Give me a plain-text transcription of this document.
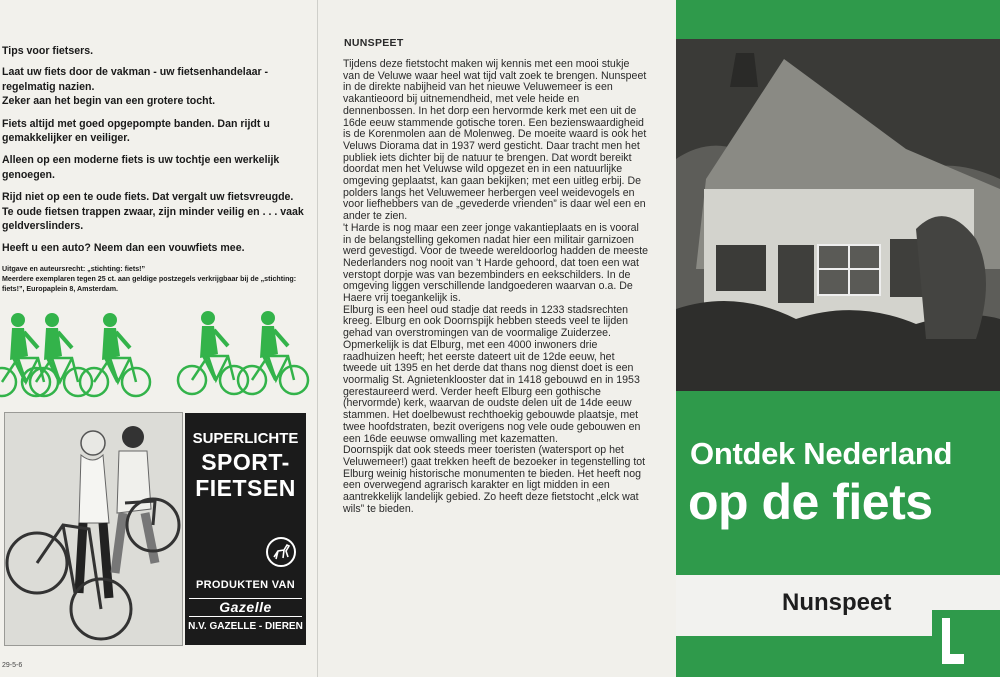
Tips voor fietsers.

Laat uw fiets door de vakman - uw fietsenhandelaar - regelmatig nazien.

Zeker aan het begin van een grotere tocht.

Fiets altijd met goed opgepompte banden. Dan rijdt u gemakkelijker en veiliger.

Alleen op een moderne fiets is uw tochtje een werkelijk genoegen.

Rijd niet op een te oude fiets. Dat vergalt uw fietsvreugde. Te oude fietsen trappen zwaar, zijn minder veilig en . . . vaak geldverslinders.

Heeft u een auto? Neem dan een vouwfiets mee.

Uitgave en auteursrecht: „stichting: fiets!”

Meerdere exemplaren tegen 25 ct. aan geldige postzegels verkrijgbaar bij de „stichting: fiets!”, Europaplein 8, Amsterdam.

SUPERLICHTE
SPORT-
FIETSEN
PRODUKTEN VAN
Gazelle
N.V. GAZELLE - DIEREN
29-5-6
NUNSPEET

Tijdens deze fietstocht maken wij kennis met een mooi stukje van de Veluwe waar heel wat tijd valt zoek te brengen. Nunspeet in de direkte nabijheid van het nieuwe Veluwemeer is een vakantieoord bij uitnemendheid, met vele heide en dennenbossen. In het dorp een hervormde kerk met een uit de 16de eeuw stammende gotische toren. Een bezienswaardigheid is de Korenmolen aan de Molenweg. De moeite waard is ook het Veluws Diorama dat in 1937 werd gesticht. Daar tracht men het publiek iets dichter bij de natuur te brengen. Dat wordt bereikt doordat men het Veluwse wild opgezet en in een natuurlijke omgeving geplaatst, kan gaan bekijken; met een uitleg erbij. De polders langs het Veluwemeer herbergen veel weidevogels en voor liefhebbers van de „gevederde vrienden” is daar wel een en ander te zien.

't Harde is nog maar een zeer jonge vakantieplaats en is vooral in de belangstelling gekomen nadat hier een militair garnizoen werd gevestigd. Voor de tweede wereldoorlog hadden de meeste Nederlanders nog nooit van 't Harde gehoord, dat toen een wat verstopt dorpje was van bezembinders en eekschilders. In de omgeving liggen verschillende landgoederen waarvan o.a. De Haere vrij toegankelijk is.

Elburg is een heel oud stadje dat reeds in 1233 stadsrechten kreeg. Elburg en ook Doornspijk hebben steeds veel te lijden gehad van overstromingen van de voormalige Zuiderzee. Opmerkelijk is dat Elburg, met een 4000 inwoners drie raadhuizen heeft; het eerste dateert uit de 12de eeuw, het tweede uit 1395 en het derde dat thans nog dienst doet is een voormalig St. Agnietenklooster dat in 1418 gebouwd en in 1953 gerestaureerd werd. Verder heeft Elburg een gothische (hervormde) kerk, waarvan de oudste delen uit de 14de eeuw stammen. Het doelbewust rechthoekig gebouwde plaatsje, met twee hoofdstraten, bezit overigens nog vele oude gebouwen en een 16de eeuwse omwalling met kazematten.

Doornspijk dat ook steeds meer toeristen (watersport op het Veluwemeer!) gaat trekken heeft de bezoeker in tegenstelling tot Elburg weinig historische monumenten te bieden. Het heeft nog een overwegend agrarisch karakter en ligt midden in een aantrekkelijk landelijk gebied. Zo heeft deze fietstocht „elck wat wils” te bieden.

Ontdek Nederland
op de fiets
Nunspeet
